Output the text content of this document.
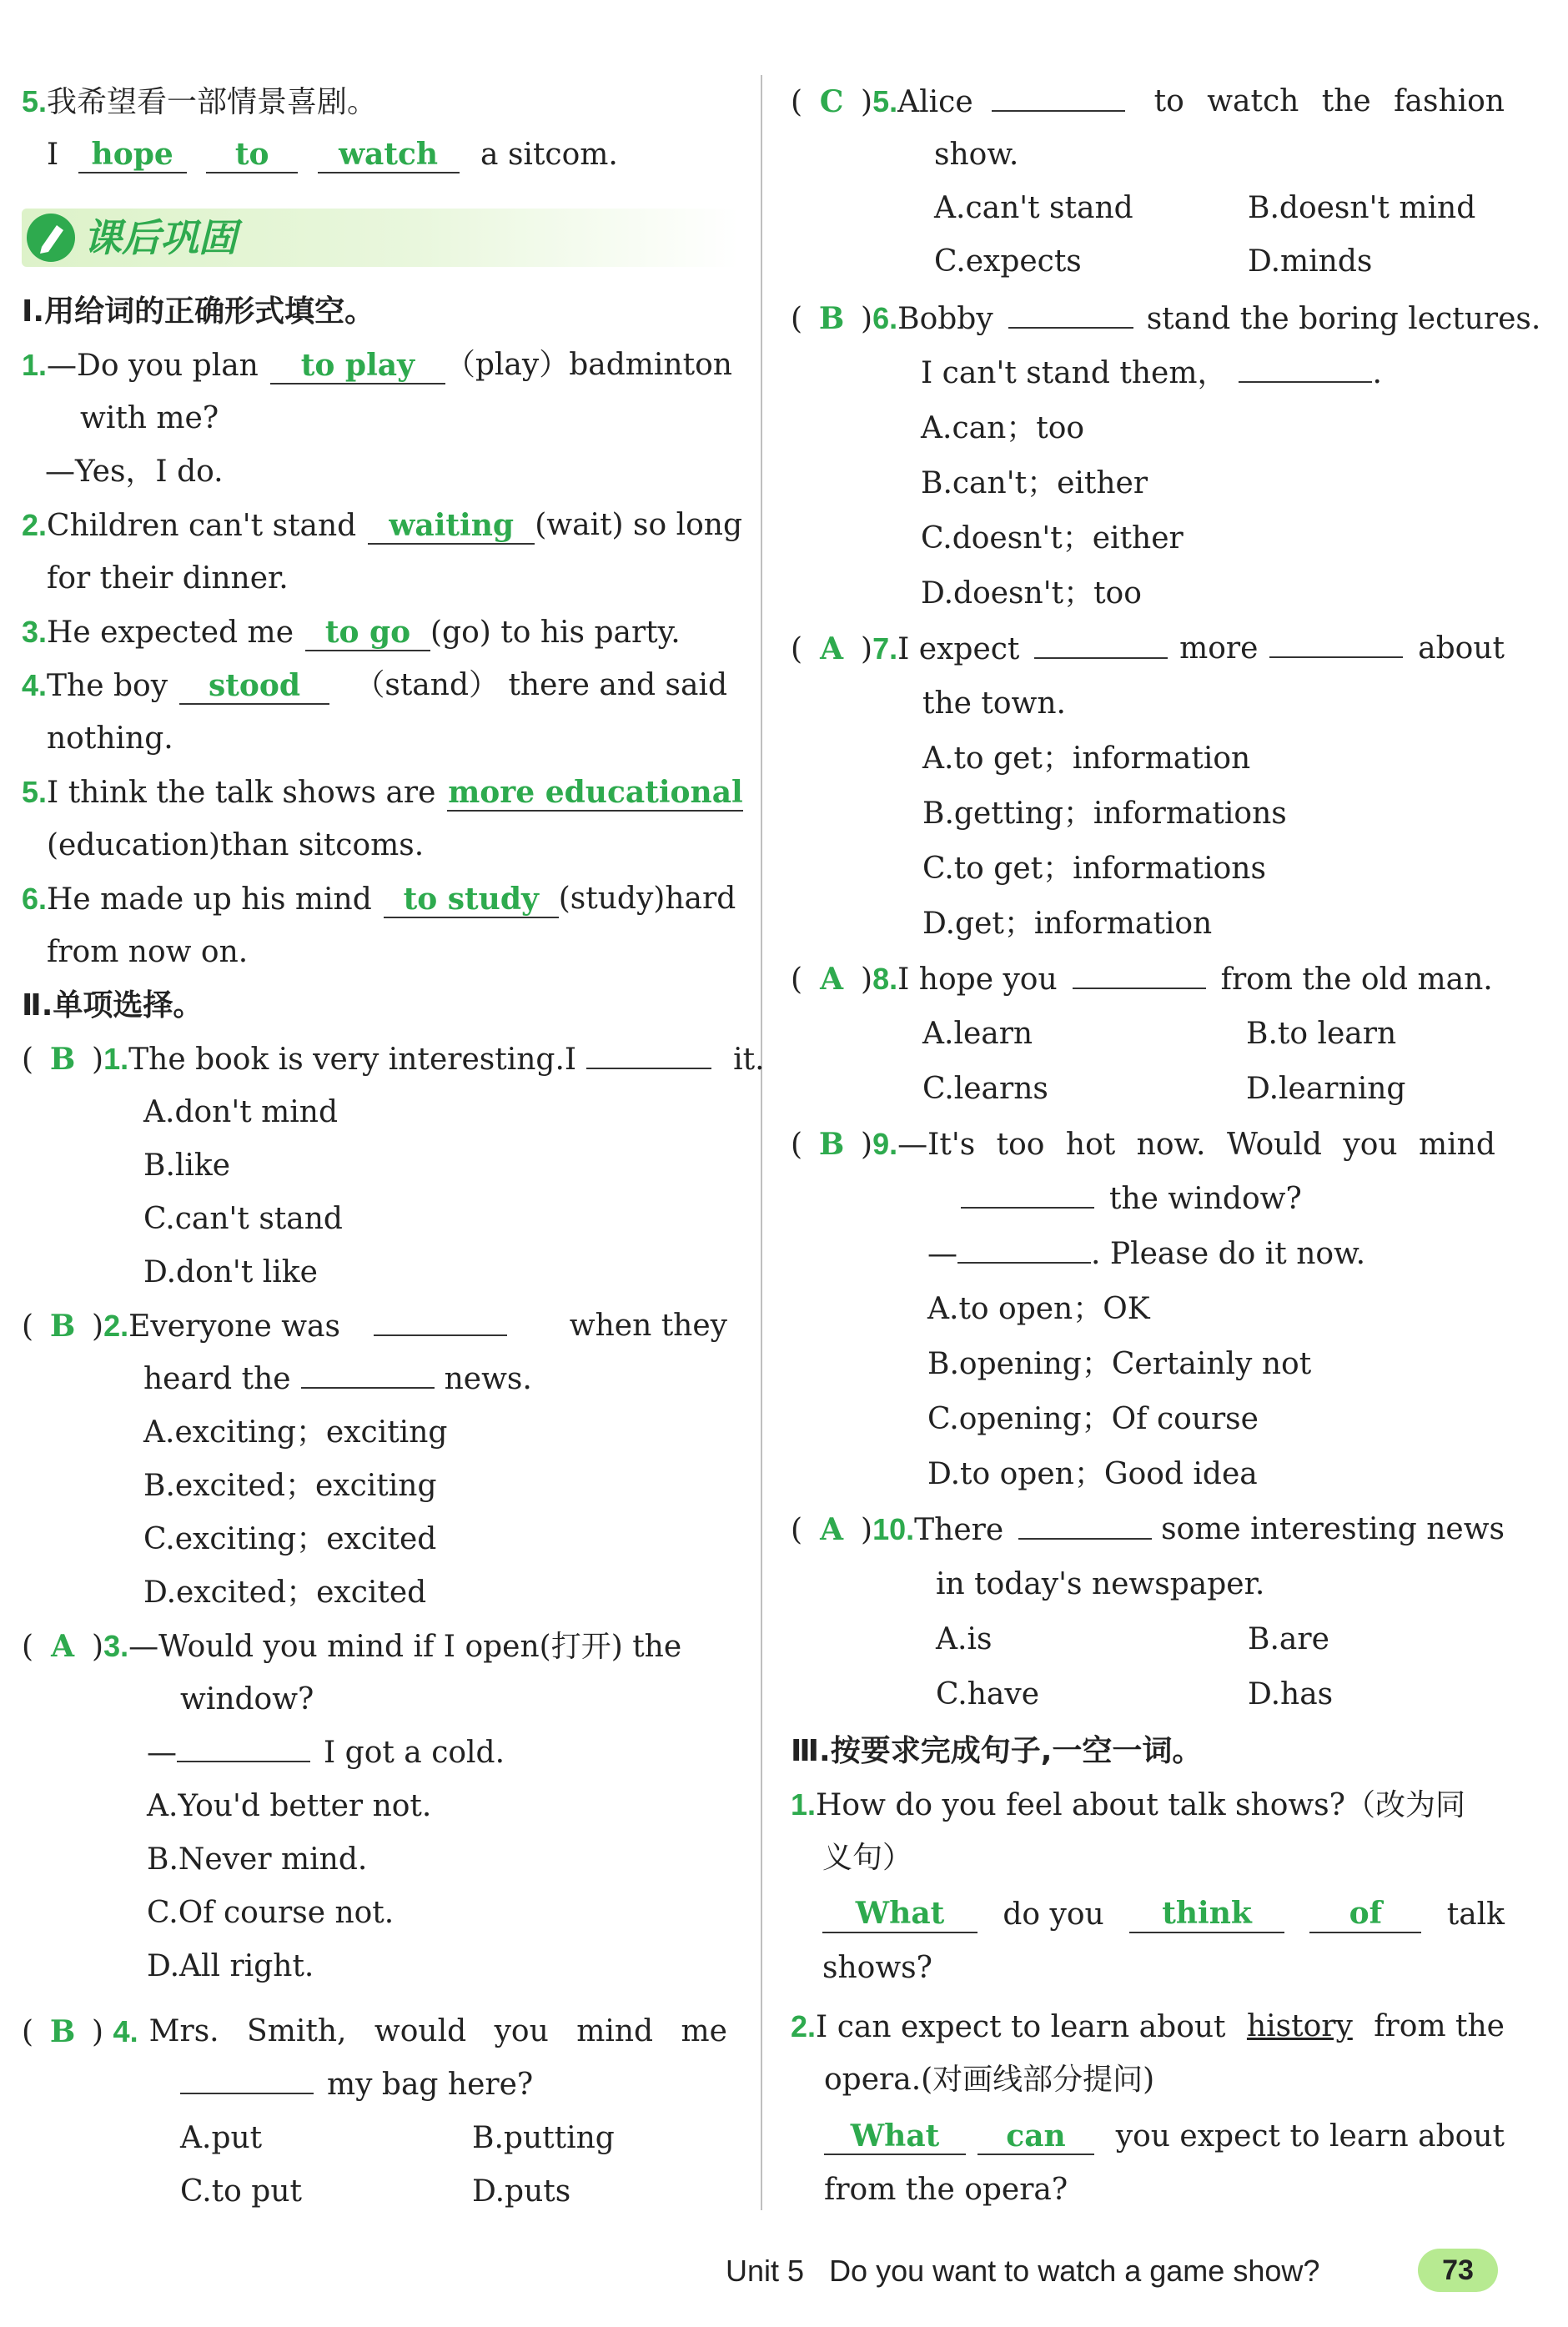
5.我希望看一部情景喜剧。
I hope to watch a sitcom.
课后巩固
Ⅰ.用给词的正确形式填空。
1.—Do you plan to play	（play）badminton
with me?
—Yes，I do.
2.Children can't stand waiting (wait) so long
for their dinner.
3.He expected me to go (go) to his party.
4.The boy stood	（stand） there and said
nothing.
5.I think the talk shows are more educational
(education)than sitcoms.
6.He made up his mind to study (study)hard
from now on.
Ⅱ.单项选择。
( B )1.The book is very interesting.I	it.
A.don't mind
B.like
C.can't stand
D.don't like
( B )2.Everyone was	when they
heard the	news.
A.exciting；exciting
B.excited；exciting
C.exciting；excited
D.excited；excited
( A )3.—Would you mind if I open(打开) the
window?
—	I got a cold.
A.You'd better not.
B.Never mind.
C.Of course not.
D.All right.
( B ) 4. Mrs. Smith, would you mind me
my bag here?
A.put	B.putting
C.to put	D.puts
( C )5.Alice	to watch the fashion
show.
A.can't stand	B.doesn't mind
C.expects	D.minds
( B )6.Bobby	stand the boring lectures.
I can't stand them，	.
A.can；too
B.can't；either
C.doesn't；either
D.doesn't；too
( A )7.I expect	more	about
the town.
A.to get；information
B.getting；informations
C.to get；informations
D.get；information
( A )8.I hope you	from the old man.
A.learn	B.to learn
C.learns	D.learning
( B )9.—It's too hot now. Would you mind
the window?
—	. Please do it now.
A.to open；OK
B.opening；Certainly not
C.opening；Of course
D.to open；Good idea
( A )10.There	some interesting news
in today's newspaper.
A.is	B.are
C.have	D.has
Ⅲ.按要求完成句子,一空一词。
1.How do you feel about talk shows?（改为同
义句）
What	do you	think	of	talk
shows?
2.I can expect to learn about history from the
opera.(对画线部分提问)
What can	you expect to learn about
from the opera?
Unit 5 Do you want to watch a game show?	73
